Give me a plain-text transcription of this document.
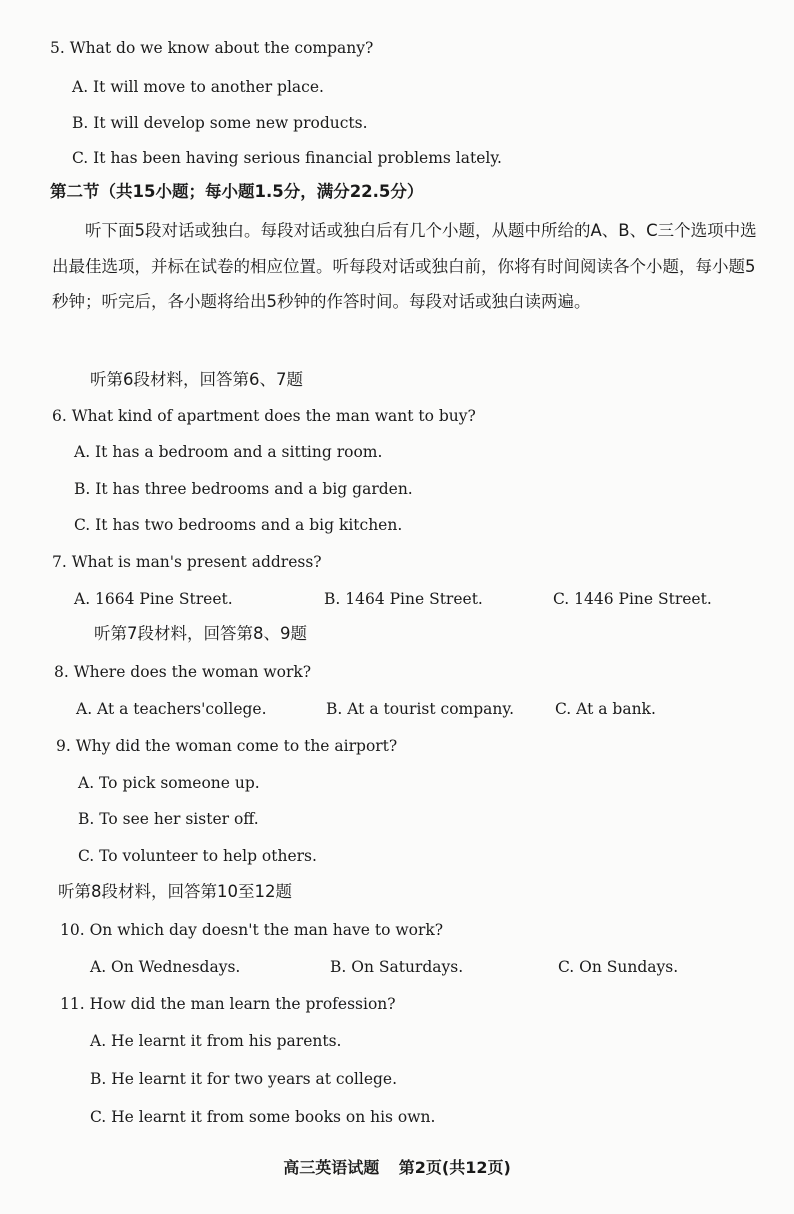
5. What do we know about the company?
A. It will move to another place.
B. It will develop some new products.
C. It has been having serious financial problems lately.
第二节（共15小题；每小题1.5分，满分22.5分）
听下面5段对话或独白。每段对话或独白后有几个小题，从题中所给的A、B、C三个选项中选出最佳选项，并标在试卷的相应位置。听每段对话或独白前，你将有时间阅读各个小题，每小题5秒钟；听完后，各小题将给出5秒钟的作答时间。每段对话或独白读两遍。
听第6段材料，回答第6、7题
6. What kind of apartment does the man want to buy?
A. It has a bedroom and a sitting room.
B. It has three bedrooms and a big garden.
C. It has two bedrooms and a big kitchen.
7. What is man's present address?
A. 1664 Pine Street.	B. 1464 Pine Street.	C. 1446 Pine Street.
听第7段材料，回答第8、9题
8. Where does the woman work?
A. At a teachers'college.	B. At a tourist company.	C. At a bank.
9. Why did the woman come to the airport?
A. To pick someone up.
B. To see her sister off.
C. To volunteer to help others.
听第8段材料，回答第10至12题
10. On which day doesn't the man have to work?
A. On Wednesdays.	B. On Saturdays.	C. On Sundays.
11. How did the man learn the profession?
A. He learnt it from his parents.
B. He learnt it for two years at college.
C. He learnt it from some books on his own.
高三英语试题 第2页(共12页)
